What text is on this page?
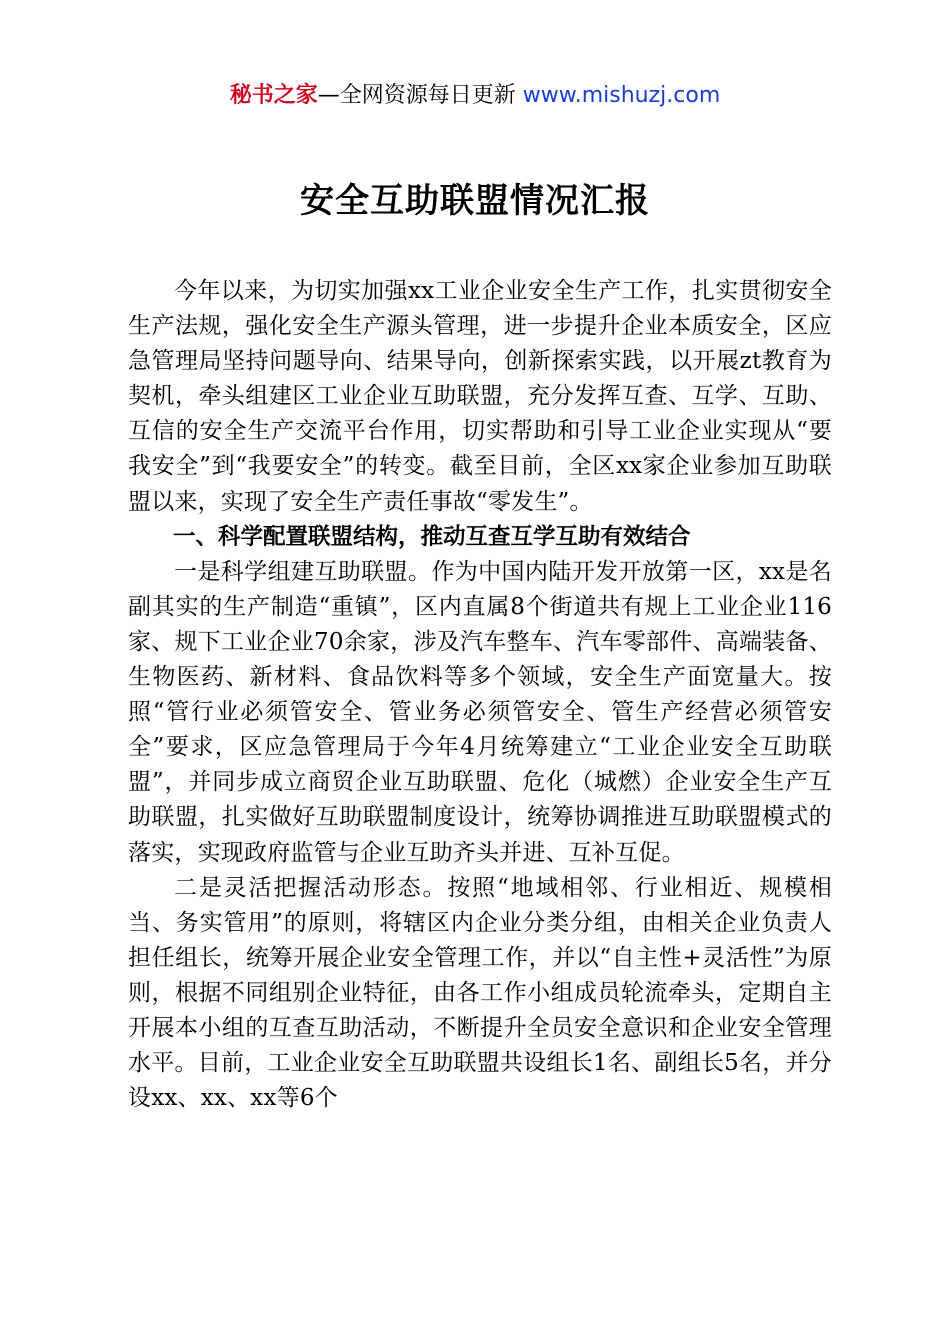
秘书之家—全网资源每日更新 www.mishuzj.com
安全互助联盟情况汇报

今年以来，为切实加强xx工业企业安全生产工作，扎实贯彻安全生产法规，强化安全生产源头管理，进一步提升企业本质安全，区应急管理局坚持问题导向、结果导向，创新探索实践，以开展zt教育为契机，牵头组建区工业企业互助联盟，充分发挥互查、互学、互助、互信的安全生产交流平台作用，切实帮助和引导工业企业实现从“要我安全”到“我要安全”的转变。截至目前，全区xx家企业参加互助联盟以来，实现了安全生产责任事故“零发生”。

一、科学配置联盟结构，推动互查互学互助有效结合

一是科学组建互助联盟。作为中国内陆开发开放第一区，xx是名副其实的生产制造“重镇”，区内直属8个街道共有规上工业企业116家、规下工业企业70余家，涉及汽车整车、汽车零部件、高端装备、生物医药、新材料、食品饮料等多个领域，安全生产面宽量大。按照“管行业必须管安全、管业务必须管安全、管生产经营必须管安全”要求，区应急管理局于今年4月统筹建立“工业企业安全互助联盟”，并同步成立商贸企业互助联盟、危化（城燃）企业安全生产互助联盟，扎实做好互助联盟制度设计，统筹协调推进互助联盟模式的落实，实现政府监管与企业互助齐头并进、互补互促。

二是灵活把握活动形态。按照“地域相邻、行业相近、规模相当、务实管用”的原则，将辖区内企业分类分组，由相关企业负责人担任组长，统筹开展企业安全管理工作，并以“自主性+灵活性”为原则，根据不同组别企业特征，由各工作小组成员轮流牵头，定期自主开展本小组的互查互助活动，不断提升全员安全意识和企业安全管理水平。目前，工业企业安全互助联盟共设组长1名、副组长5名，并分设xx、xx、xx等6个
